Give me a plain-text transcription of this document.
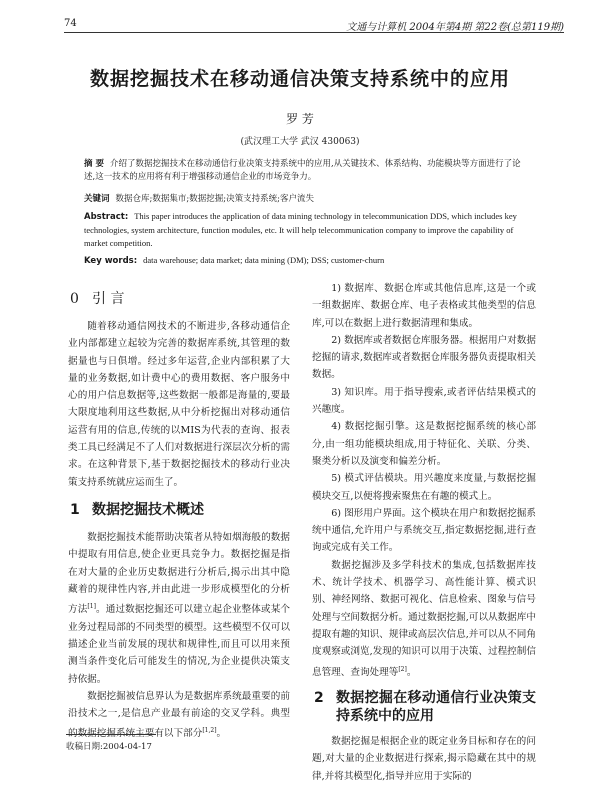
74	文通与计算机 2004年第4期 第22卷(总第119期)
数据挖掘技术在移动通信决策支持系统中的应用
罗 芳
(武汉理工大学 武汉 430063)
摘 要 介绍了数据挖掘技术在移动通信行业决策支持系统中的应用,从关键技术、体系结构、功能模块等方面进行了论述,这一技术的应用将有利于增强移动通信企业的市场竞争力。
关键词 数据仓库;数据集市;数据挖掘;决策支持系统;客户流失
Abstract: This paper introduces the application of data mining technology in telecommunication DDS, which includes key technologies, system architecture, function modules, etc. It will help telecommunication company to improve the capability of market competition.
Key words: data warehouse; data market; data mining (DM); DSS; customer-churn
0 引 言

随着移动通信网技术的不断进步,各移动通信企业内部都建立起较为完善的数据库系统,其管理的数据量也与日俱增。经过多年运营,企业内部积累了大量的业务数据,如计费中心的费用数据、客户服务中心的用户信息数据等,这些数据一般都是海量的,要最大限度地利用这些数据,从中分析挖掘出对移动通信运营有用的信息,传统的以MIS为代表的查询、报表类工具已经满足不了人们对数据进行深层次分析的需求。在这种背景下,基于数据挖掘技术的移动行业决策支持系统就应运而生了。

1 数据挖掘技术概述

数据挖掘技术能帮助决策者从特如烟海般的数据中提取有用信息,使企业更具竞争力。数据挖掘是指在对大量的企业历史数据进行分析后,揭示出其中隐藏着的规律性内容,并由此进一步形成模型化的分析方法[1]。通过数据挖掘还可以建立起企业整体或某个业务过程局部的不同类型的模型。这些模型不仅可以描述企业当前发展的现状和规律性,而且可以用来预测当条件变化后可能发生的情况,为企业提供决策支持依据。

数据挖掘被信息界认为是数据库系统最重要的前沿技术之一,是信息产业最有前途的交叉学科。典型的数据挖掘系统主要有以下部分[1,2]。

1) 数据库、数据仓库或其他信息库,这是一个或一组数据库、数据仓库、电子表格或其他类型的信息库,可以在数据上进行数据清理和集成。

2) 数据库或者数据仓库服务器。根据用户对数据挖掘的请求,数据库或者数据仓库服务器负责提取相关数据。

3) 知识库。用于指导搜索,或者评估结果模式的兴趣度。

4) 数据挖掘引擎。这是数据挖掘系统的核心部分,由一组功能模块组成,用于特征化、关联、分类、聚类分析以及演变和偏差分析。

5) 模式评估模块。用兴趣度来度量,与数据挖掘模块交互,以便将搜索聚焦在有趣的模式上。

6) 图形用户界面。这个模块在用户和数据挖掘系统中通信,允许用户与系统交互,指定数据挖掘,进行查询或完成有关工作。

数据挖掘涉及多学科技术的集成,包括数据库技术、统计学技术、机器学习、高性能计算、模式识别、神经网络、数据可视化、信息检索、图象与信号处理与空间数据分析。通过数据挖掘,可以从数据库中提取有趣的知识、规律或高层次信息,并可以从不同角度观察或浏览,发现的知识可以用于决策、过程控制信息管理、查询处理等[2]。

2 数据挖掘在移动通信行业决策支持系统中的应用

数据挖掘是根据企业的既定业务目标和存在的问题,对大量的企业数据进行探索,揭示隐藏在其中的规律,并将其模型化,指导并应用于实际的

收稿日期:2004-04-17
